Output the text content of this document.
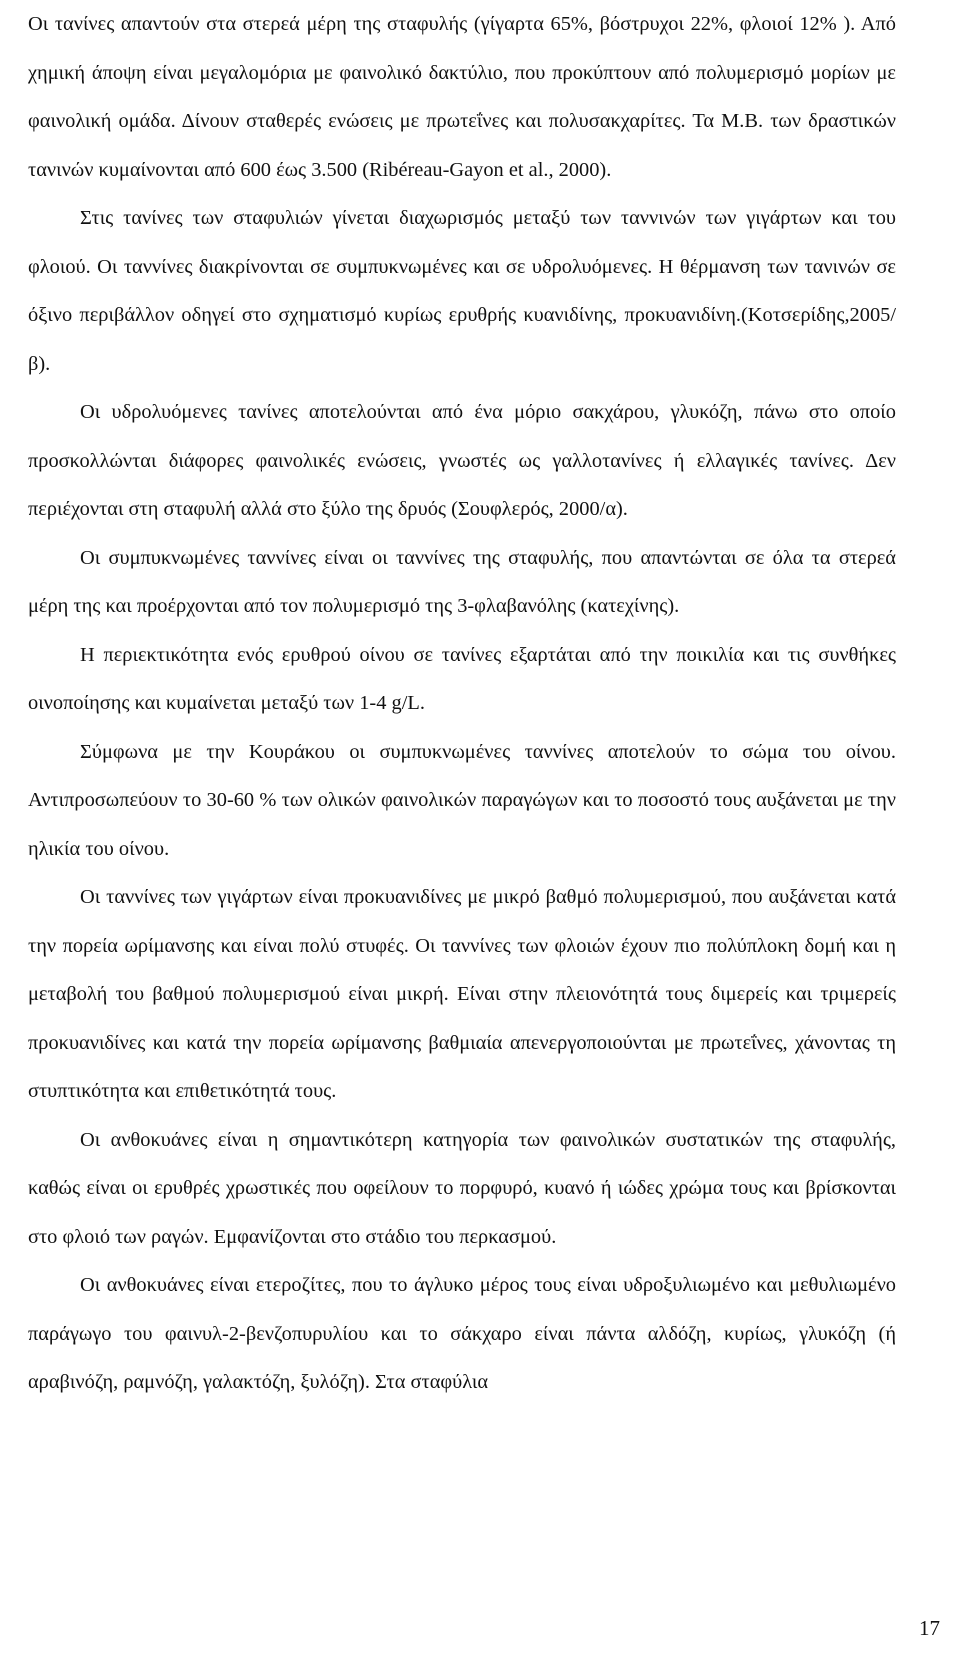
Οι τανίνες απαντούν στα στερεά μέρη της σταφυλής (γίγαρτα 65%, βόστρυχοι 22%, φλοιοί 12% ). Από χημική άποψη είναι μεγαλομόρια με φαινολικό δακτύλιο, που προκύπτουν από πολυμερισμό μορίων με φαινολική ομάδα. Δίνουν σταθερές ενώσεις με πρωτεΐνες και πολυσακχαρίτες. Τα Μ.Β. των δραστικών τανινών κυμαίνονται από 600 έως 3.500 (Ribéreau-Gayon et al., 2000).

Στις τανίνες των σταφυλιών γίνεται διαχωρισμός μεταξύ των ταννινών των γιγάρτων και του φλοιού. Οι ταννίνες διακρίνονται σε συμπυκνωμένες και σε υδρολυόμενες. Η θέρμανση των τανινών σε όξινο περιβάλλον οδηγεί στο σχηματισμό κυρίως ερυθρής κυανιδίνης, προκυανιδίνη.(Κοτσερίδης,2005/β).

Οι υδρολυόμενες τανίνες αποτελούνται από ένα μόριο σακχάρου, γλυκόζη, πάνω στο οποίο προσκολλώνται διάφορες φαινολικές ενώσεις, γνωστές ως γαλλοτανίνες ή ελλαγικές τανίνες. Δεν περιέχονται στη σταφυλή αλλά στο ξύλο της δρυός (Σουφλερός, 2000/α).

Οι συμπυκνωμένες ταννίνες είναι οι ταννίνες της σταφυλής, που απαντώνται σε όλα τα στερεά μέρη της και προέρχονται από τον πολυμερισμό της 3-φλαβανόλης (κατεχίνης).

Η περιεκτικότητα ενός ερυθρού οίνου σε τανίνες εξαρτάται από την ποικιλία και τις συνθήκες οινοποίησης και κυμαίνεται μεταξύ των 1-4 g/L.

Σύμφωνα με την Κουράκου οι συμπυκνωμένες ταννίνες αποτελούν το σώμα του οίνου. Αντιπροσωπεύουν το 30-60 % των ολικών φαινολικών παραγώγων και το ποσοστό τους αυξάνεται με την ηλικία του οίνου.

Οι ταννίνες των γιγάρτων είναι προκυανιδίνες με μικρό βαθμό πολυμερισμού, που αυξάνεται κατά την πορεία ωρίμανσης και είναι πολύ στυφές. Οι ταννίνες των φλοιών έχουν πιο πολύπλοκη δομή και η μεταβολή του βαθμού πολυμερισμού είναι μικρή. Είναι στην πλειονότητά τους διμερείς και τριμερείς προκυανιδίνες και κατά την πορεία ωρίμανσης βαθμιαία απενεργοποιούνται με πρωτεΐνες, χάνοντας τη στυπτικότητα και επιθετικότητά τους.

Οι ανθοκυάνες είναι η σημαντικότερη κατηγορία των φαινολικών συστατικών της σταφυλής, καθώς είναι οι ερυθρές χρωστικές που οφείλουν το πορφυρό, κυανό ή ιώδες χρώμα τους και βρίσκονται στο φλοιό των ραγών. Εμφανίζονται στο στάδιο του περκασμού.

Οι ανθοκυάνες είναι ετεροζίτες, που το άγλυκο μέρος τους είναι υδροξυλιωμένο και μεθυλιωμένο παράγωγο του φαινυλ-2-βενζοπυρυλίου και το σάκχαρο είναι πάντα αλδόζη, κυρίως, γλυκόζη (ή αραβινόζη, ραμνόζη, γαλακτόζη, ξυλόζη). Στα σταφύλια

17
